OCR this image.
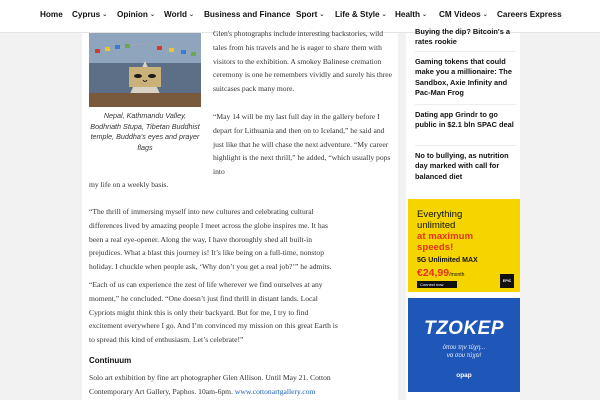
Home Cyprus ⌄ Opinion ⌄ World ⌄ Business and Finance Sport ⌄ Life & Style ⌄ Health ⌄ CM Videos ⌄ Careers Express
Nepal, Kathmandu Valley, Bodhnath Stupa, Tibetan Buddhist temple, Buddha's eyes and prayer flags
Glen's photographs include interesting backstories, wild tales from his travels and he is eager to share them with visitors to the exhibition. A smokey Balinese cremation ceremony is one he remembers vividly and surely his three suitcases pack many more.
“May 14 will be my last full day in the gallery before I depart for Lithuania and then on to Iceland,” he said and just like that he will chase the next adventure. “My career highlight is the next thrill,” he added, “which usually pops into
my life on a weekly basis.
“The thrill of immersing myself into new cultures and celebrating cultural
differences lived by amazing people I meet across the globe inspires me. It has
been a real eye-opener. Along the way, I have thoroughly shed all built-in
prejudices. What a blast this journey is! It’s like being on a full-time, nonstop
holiday. I chuckle when people ask, ‘Why don’t you get a real job?’” he admits.
“Each of us can experience the zest of life wherever we find ourselves at any
moment,” he concluded. “One doesn’t just find thrill in distant lands. Local
Cypriots might think this is only their backyard. But for me, I try to find
excitement everywhere I go. And I’m convinced my mission on this great Earth is
to spread this kind of enthusiasm. Let’s celebrate!”
Continuum
Solo art exhibition by fine art photographer Glen Allison. Until May 21. Cotton
Contemporary Art Gallery, Paphos. 10am-6pm. www.cottonartgallery.com
Buying the dip? Bitcoin's a rates rookie
Gaming tokens that could make you a millionaire: The Sandbox, Axie Infinity and Pac-Man Frog
Dating app Grindr to go public in $2.1 bln SPAC deal
No to bullying, as nutrition day marked with call for balanced diet
Everything
unlimited
at maximum
speeds!
5G Unlimited MAX
€24,99/month
Connect now
EPIC
ΤΖΟΚΕΡ
όπου την τύχη...
να σου τύχει!
opap
